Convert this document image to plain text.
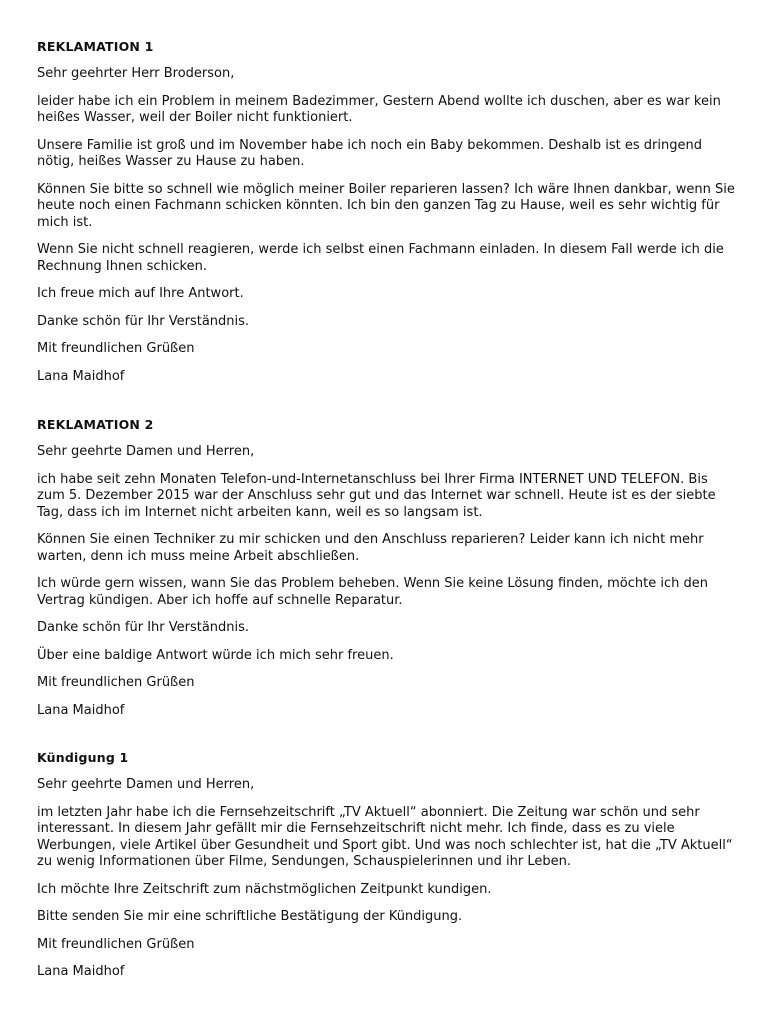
REKLAMATION 1

Sehr geehrter Herr Broderson,

leider habe ich ein Problem in meinem Badezimmer, Gestern Abend wollte ich duschen, aber es war kein heißes Wasser, weil der Boiler nicht funktioniert.

Unsere Familie ist groß und im November habe ich noch ein Baby bekommen. Deshalb ist es dringend nötig, heißes Wasser zu Hause zu haben.

Können Sie bitte so schnell wie möglich meiner Boiler reparieren lassen? Ich wäre Ihnen dankbar, wenn Sie heute noch einen Fachmann schicken könnten. Ich bin den ganzen Tag zu Hause, weil es sehr wichtig für mich ist.

Wenn Sie nicht schnell reagieren, werde ich selbst einen Fachmann einladen. In diesem Fall werde ich die Rechnung Ihnen schicken.

Ich freue mich auf Ihre Antwort.

Danke schön für Ihr Verständnis.

Mit freundlichen Grüßen

Lana Maidhof

REKLAMATION 2

Sehr geehrte Damen und Herren,

ich habe seit zehn Monaten Telefon-und-Internetanschluss bei Ihrer Firma INTERNET UND TELEFON. Bis zum 5. Dezember 2015 war der Anschluss sehr gut und das Internet war schnell. Heute ist es der siebte Tag, dass ich im Internet nicht arbeiten kann, weil es so langsam ist.

Können Sie einen Techniker zu mir schicken und den Anschluss reparieren? Leider kann ich nicht mehr warten, denn ich muss meine Arbeit abschließen.

Ich würde gern wissen, wann Sie das Problem beheben. Wenn Sie keine Lösung finden, möchte ich den Vertrag kündigen. Aber ich hoffe auf schnelle Reparatur.

Danke schön für Ihr Verständnis.

Über eine baldige Antwort würde ich mich sehr freuen.

Mit freundlichen Grüßen

Lana Maidhof

Kündigung 1

Sehr geehrte Damen und Herren,

im letzten Jahr habe ich die Fernsehzeitschrift „TV Aktuell“ abonniert. Die Zeitung war schön und sehr interessant. In diesem Jahr gefällt mir die Fernsehzeitschrift nicht mehr. Ich finde, dass es zu viele Werbungen, viele Artikel über Gesundheit und Sport gibt. Und was noch schlechter ist, hat die „TV Aktuell“ zu wenig Informationen über Filme, Sendungen, Schauspielerinnen und ihr Leben.

Ich möchte Ihre Zeitschrift zum nächstmöglichen Zeitpunkt kundigen.

Bitte senden Sie mir eine schriftliche Bestätigung der Kündigung.

Mit freundlichen Grüßen

Lana Maidhof
